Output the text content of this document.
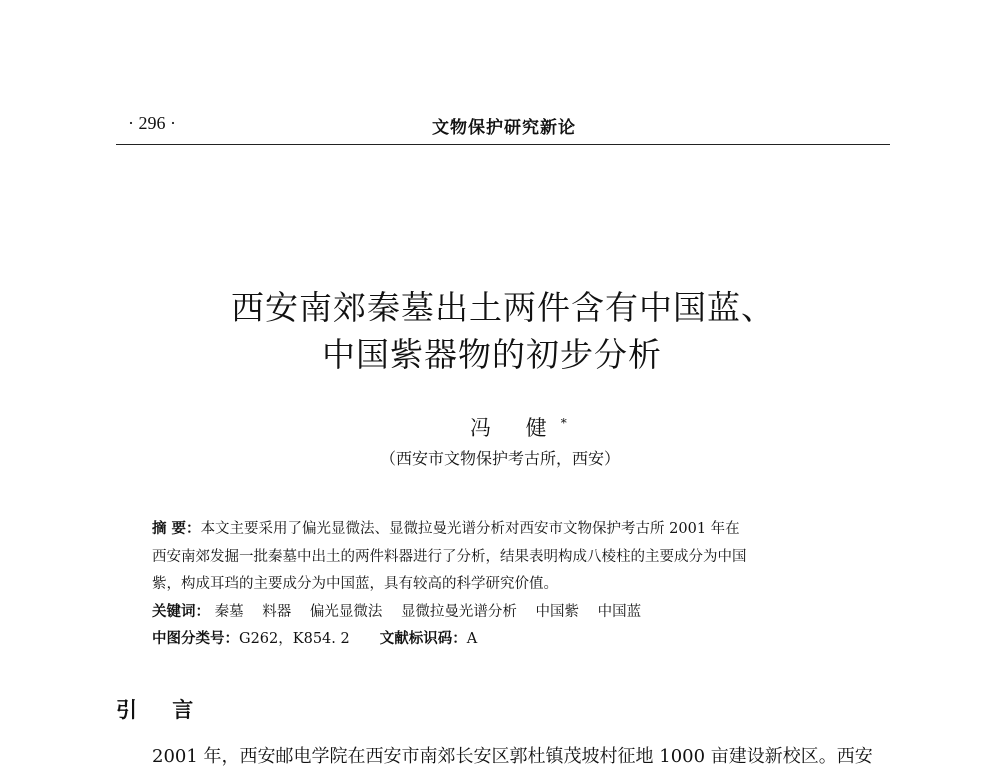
· 296 ·	文物保护研究新论
西安南郊秦墓出土两件含有中国蓝、
中国紫器物的初步分析
冯 健*
（西安市文物保护考古所，西安）
摘 要：本文主要采用了偏光显微法、显微拉曼光谱分析对西安市文物保护考古所 2001 年在
西安南郊发掘一批秦墓中出土的两件料器进行了分析，结果表明构成八棱柱的主要成分为中国
紫，构成耳珰的主要成分为中国蓝，具有较高的科学研究价值。
关键词： 秦墓 料器 偏光显微法 显微拉曼光谱分析 中国紫 中国蓝
中图分类号：G262，K854. 2 文献标识码：A
引 言
2001 年，西安邮电学院在西安市南郊长安区郭杜镇茂坡村征地 1000 亩建设新校区。西安
